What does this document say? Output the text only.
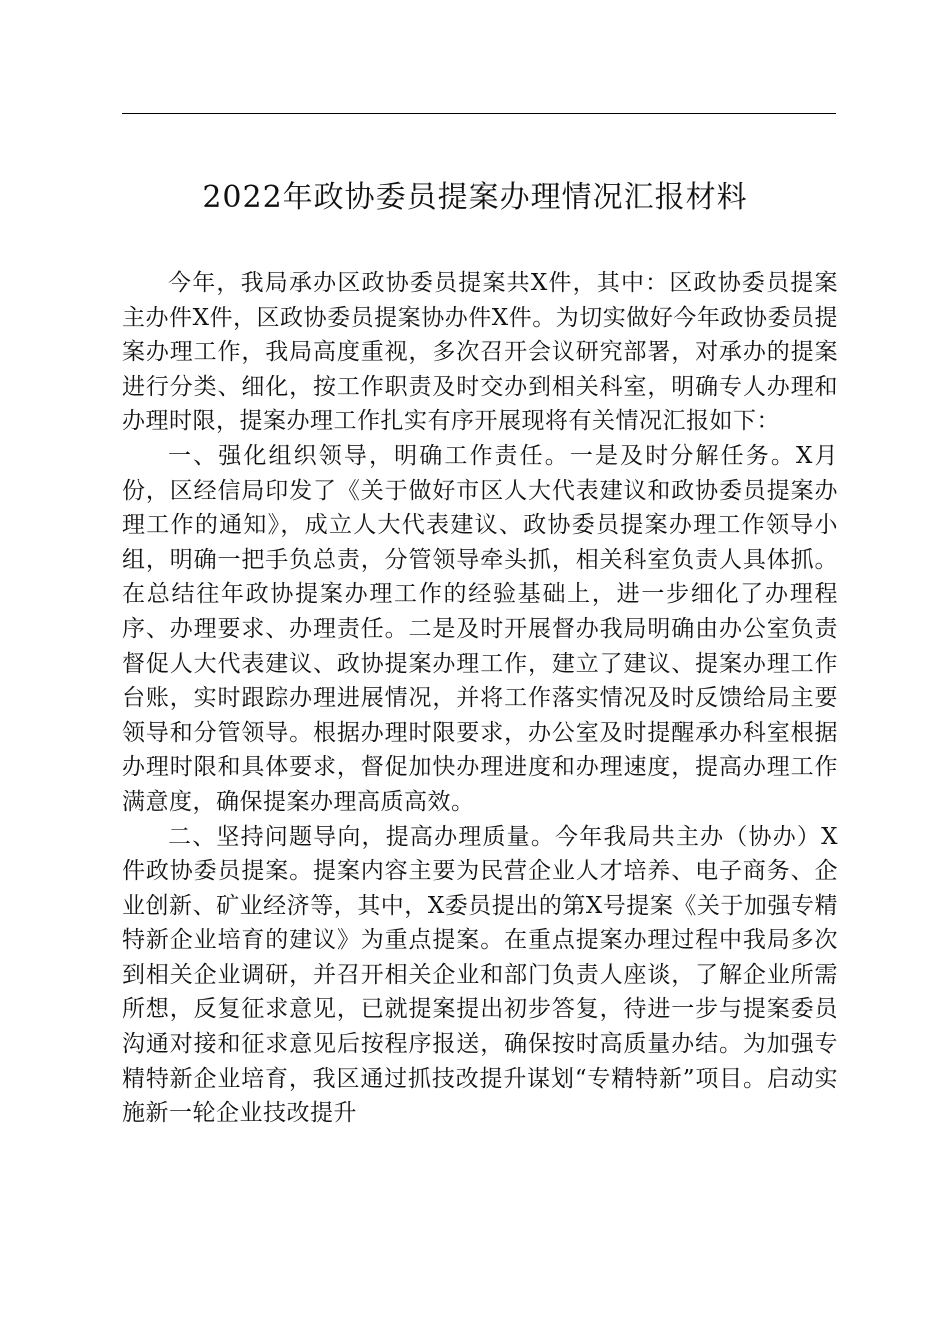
2022年政协委员提案办理情况汇报材料

今年，我局承办区政协委员提案共X件，其中：区政协委员提案主办件X件，区政协委员提案协办件X件。为切实做好今年政协委员提案办理工作，我局高度重视，多次召开会议研究部署，对承办的提案进行分类、细化，按工作职责及时交办到相关科室，明确专人办理和办理时限，提案办理工作扎实有序开展现将有关情况汇报如下：

一、强化组织领导，明确工作责任。一是及时分解任务。X月份，区经信局印发了《关于做好市区人大代表建议和政协委员提案办理工作的通知》，成立人大代表建议、政协委员提案办理工作领导小组，明确一把手负总责，分管领导牵头抓，相关科室负责人具体抓。在总结往年政协提案办理工作的经验基础上，进一步细化了办理程序、办理要求、办理责任。二是及时开展督办我局明确由办公室负责督促人大代表建议、政协提案办理工作，建立了建议、提案办理工作台账，实时跟踪办理进展情况，并将工作落实情况及时反馈给局主要领导和分管领导。根据办理时限要求，办公室及时提醒承办科室根据办理时限和具体要求，督促加快办理进度和办理速度，提高办理工作满意度，确保提案办理高质高效。

二、坚持问题导向，提高办理质量。今年我局共主办（协办）X件政协委员提案。提案内容主要为民营企业人才培养、电子商务、企业创新、矿业经济等，其中，X委员提出的第X号提案《关于加强专精特新企业培育的建议》为重点提案。在重点提案办理过程中我局多次到相关企业调研，并召开相关企业和部门负责人座谈，了解企业所需所想，反复征求意见，已就提案提出初步答复，待进一步与提案委员沟通对接和征求意见后按程序报送，确保按时高质量办结。为加强专精特新企业培育，我区通过抓技改提升谋划“专精特新”项目。启动实施新一轮企业技改提升
